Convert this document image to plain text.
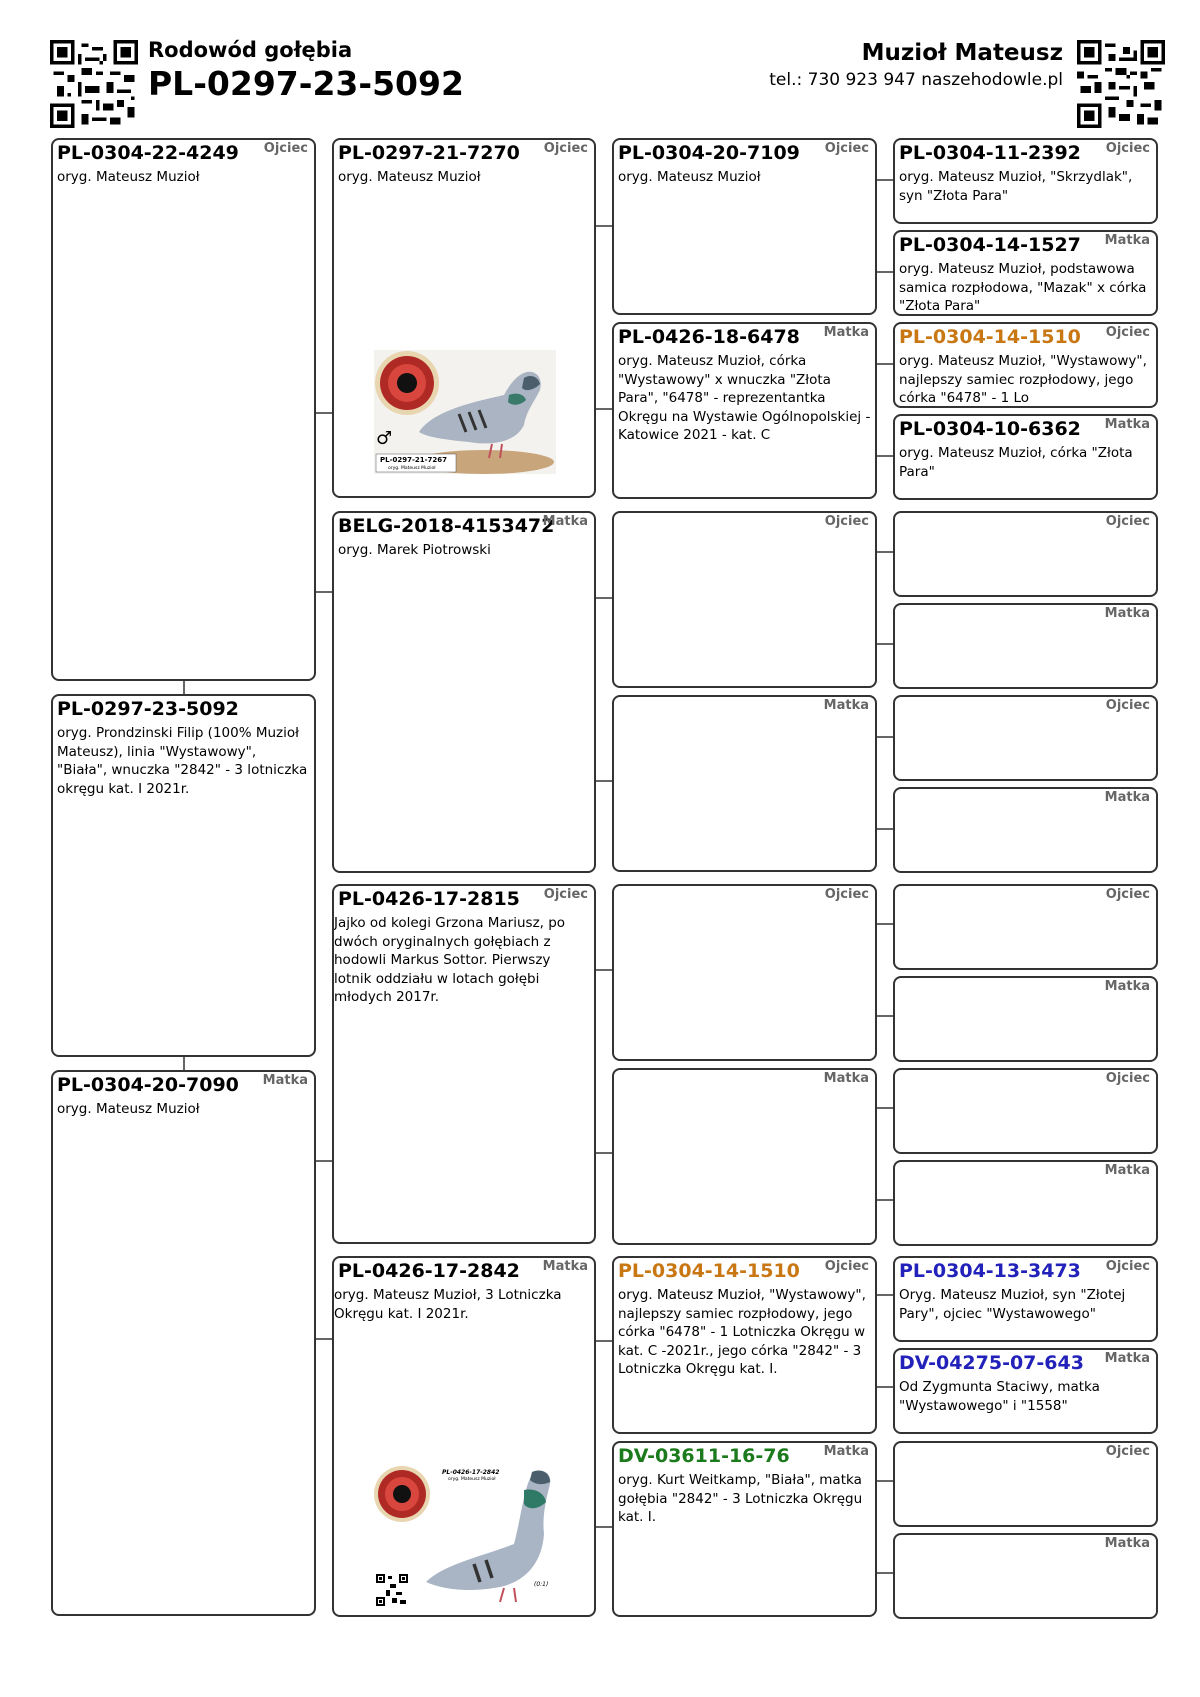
Rodowód gołębia
PL-0297-23-5092
Muzioł Mateusz
tel.: 730 923 947 naszehodowle.pl
PL-0304-22-4249 Ojciec
oryg. Mateusz Muzioł
PL-0297-23-5092
oryg. Prondzinski Filip (100% Muzioł Mateusz), linia "Wystawowy", "Biała", wnuczka "2842" - 3 lotniczka okręgu kat. I 2021r.
PL-0304-20-7090 Matka
oryg. Mateusz Muzioł
PL-0297-21-7270 Ojciec
oryg. Mateusz Muzioł
♂
PL-0297-21-7267
oryg. Mateusz Muzioł
BELG-2018-4153472
Matka
oryg. Marek Piotrowski
PL-0426-17-2815 Ojciec
Jajko od kolegi Grzona Mariusz, po dwóch oryginalnych gołębiach z hodowli Markus Sottor. Pierwszy lotnik oddziału w lotach gołębi młodych 2017r.
PL-0426-17-2842 Matka
oryg. Mateusz Muzioł, 3 Lotniczka Okręgu kat. I 2021r.
PL-0426-17-2842
oryg. Mateusz Muzioł
(0:1)
PL-0304-20-7109 Ojciec
oryg. Mateusz Muzioł
PL-0426-18-6478 Matka
oryg. Mateusz Muzioł, córka "Wystawowy" x wnuczka "Złota Para", "6478" - reprezentantka Okręgu na Wystawie Ogólnopolskiej - Katowice 2021 - kat. C
Ojciec
Matka
Ojciec
Matka
PL-0304-14-1510 Ojciec
oryg. Mateusz Muzioł, "Wystawowy", najlepszy samiec rozpłodowy, jego córka "6478" - 1 Lotniczka Okręgu w kat. C -2021r., jego córka "2842" - 3 Lotniczka Okręgu kat. I.
DV-03611-16-76	Matka
oryg. Kurt Weitkamp, "Biała", matka gołębia "2842" - 3 Lotniczka Okręgu kat. I.
PL-0304-11-2392 Ojciec
oryg. Mateusz Muzioł, "Skrzydlak", syn "Złota Para"
PL-0304-14-1527 Matka
oryg. Mateusz Muzioł, podstawowa samica rozpłodowa, "Mazak" x córka "Złota Para"
PL-0304-14-1510 Ojciec
oryg. Mateusz Muzioł, "Wystawowy", najlepszy samiec rozpłodowy, jego córka "6478" - 1 Lo
PL-0304-10-6362 Matka
oryg. Mateusz Muzioł, córka "Złota Para"
Ojciec
Matka
Ojciec
Matka
Ojciec
Matka
Ojciec
Matka
PL-0304-13-3473 Ojciec
Oryg. Mateusz Muzioł, syn "Złotej Pary", ojciec "Wystawowego"
DV-04275-07-643 Matka
Od Zygmunta Staciwy, matka "Wystawowego" i "1558"
Ojciec
Matka
